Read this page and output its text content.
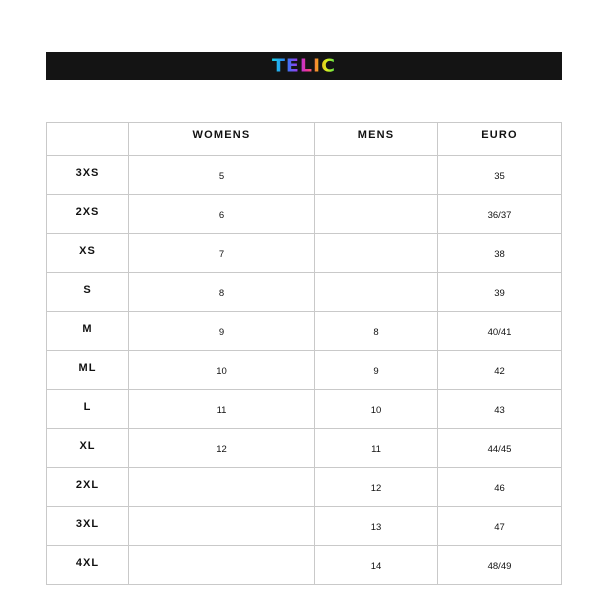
TELIC
	WOMENS	MENS	EURO
3XS	5		35
2XS	6		36/37
XS	7		38
S	8		39
M	9	8	40/41
ML	10	9	42
L	11	10	43
XL	12	11	44/45
2XL		12	46
3XL		13	47
4XL		14	48/49
